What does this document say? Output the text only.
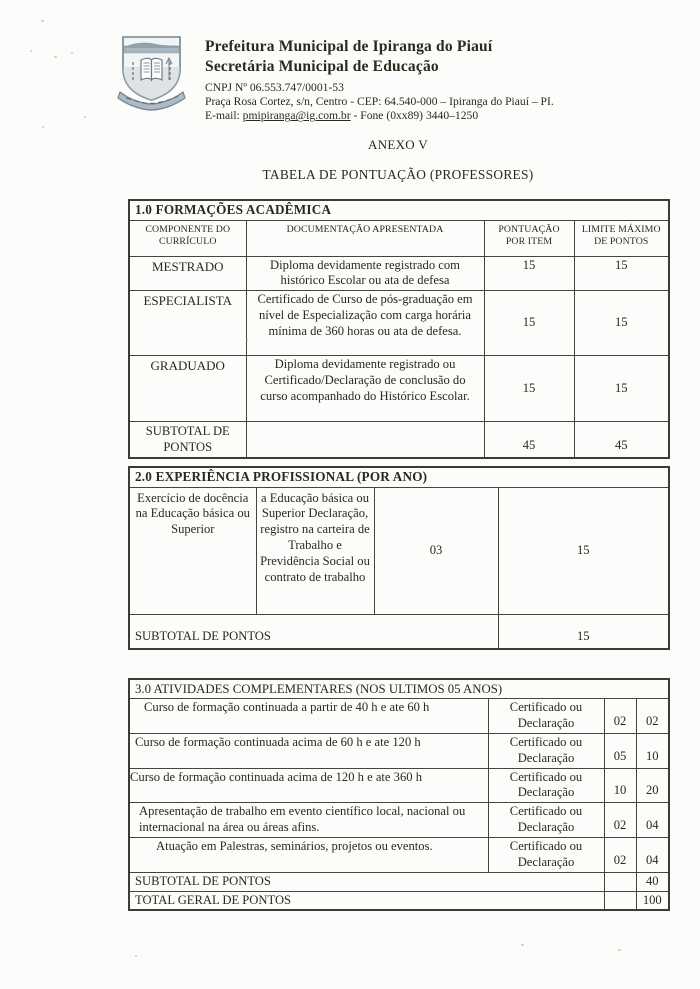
Prefeitura Municipal de Ipiranga do Piauí
Secretária Municipal de Educação
CNPJ Nº 06.553.747/0001-53
Praça Rosa Cortez, s/n, Centro - CEP: 64.540-000 – Ipiranga do Piauí – PI.
E-mail: pmipiranga@ig.com.br - Fone (0xx89) 3440–1250
ANEXO V
TABELA DE PONTUAÇÃO (PROFESSORES)
1.0 FORMAÇÕES ACADÊMICA			
COMPONENTE DO CURRÍCULO	DOCUMENTAÇÃO APRESENTADA	PONTUAÇÃO POR ITEM	LIMITE MÁXIMO DE PONTOS
MESTRADO	Diploma devidamente registrado com histórico Escolar ou ata de defesa	15	15
ESPECIALISTA	Certificado de Curso de pós-graduação em nível de Especialização com carga horária mínima de 360 horas ou ata de defesa.	15	15
GRADUADO	Diploma devidamente registrado ou Certificado/Declaração de conclusão do curso acompanhado do Histórico Escolar.	15	15
SUBTOTAL DE PONTOS		45	45
2.0 EXPERIÊNCIA PROFISSIONAL (POR ANO)			
Exercício de docência na Educação básica ou Superior	a Educação básica ou Superior Declaração, registro na carteira de Trabalho e Previdência Social ou contrato de trabalho	03	15
SUBTOTAL DE PONTOS			15
3.0 ATIVIDADES COMPLEMENTARES (NOS ULTIMOS 05 ANOS)			
Curso de formação continuada a partir de 40 h e ate 60 h	Certificado ou Declaração	02	02
Curso de formação continuada acima de 60 h e ate 120 h	Certificado ou Declaração	05	10
Curso de formação continuada acima de 120 h e ate 360 h	Certificado ou Declaração	10	20
Apresentação de trabalho em evento científico local, nacional ou internacional na área ou áreas afins.	Certificado ou Declaração	02	04
Atuação em Palestras, seminários, projetos ou eventos.	Certificado ou Declaração	02	04
SUBTOTAL DE PONTOS			40
TOTAL GERAL DE PONTOS			100
